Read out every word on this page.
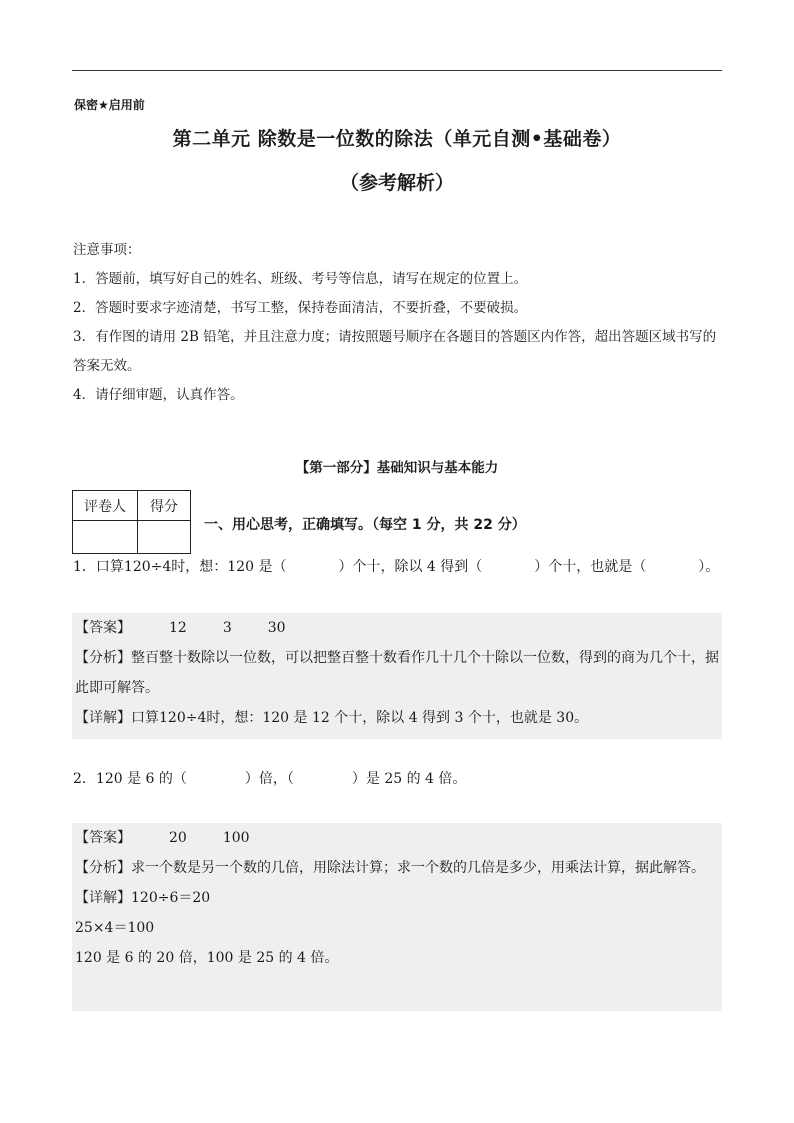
保密★启用前
第二单元 除数是一位数的除法（单元自测•基础卷）
（参考解析）

注意事项：

1．答题前，填写好自己的姓名、班级、考号等信息，请写在规定的位置上。

2．答题时要求字迹清楚，书写工整，保持卷面清洁，不要折叠，不要破损。

3．有作图的请用 2B 铅笔，并且注意力度；请按照题号顺序在各题目的答题区内作答，超出答题区域书写的答案无效。

4．请仔细审题，认真作答。

【第一部分】基础知识与基本能力
评卷人	得分

一、用心思考，正确填写。（每空 1 分，共 22 分）
1．口算120÷4时，想：120 是（	）个十，除以 4 得到（	）个十，也就是（	）。

【答案】	12	3	30

【分析】整百整十数除以一位数，可以把整百整十数看作几十几个十除以一位数，得到的商为几个十，据此即可解答。

【详解】口算120÷4时，想：120 是 12 个十，除以 4 得到 3 个十，也就是 30。

2．120 是 6 的（	）倍，（	）是 25 的 4 倍。

【答案】	20	100

【分析】求一个数是另一个数的几倍，用除法计算；求一个数的几倍是多少，用乘法计算，据此解答。

【详解】120÷6＝20

25×4＝100

120 是 6 的 20 倍，100 是 25 的 4 倍。
